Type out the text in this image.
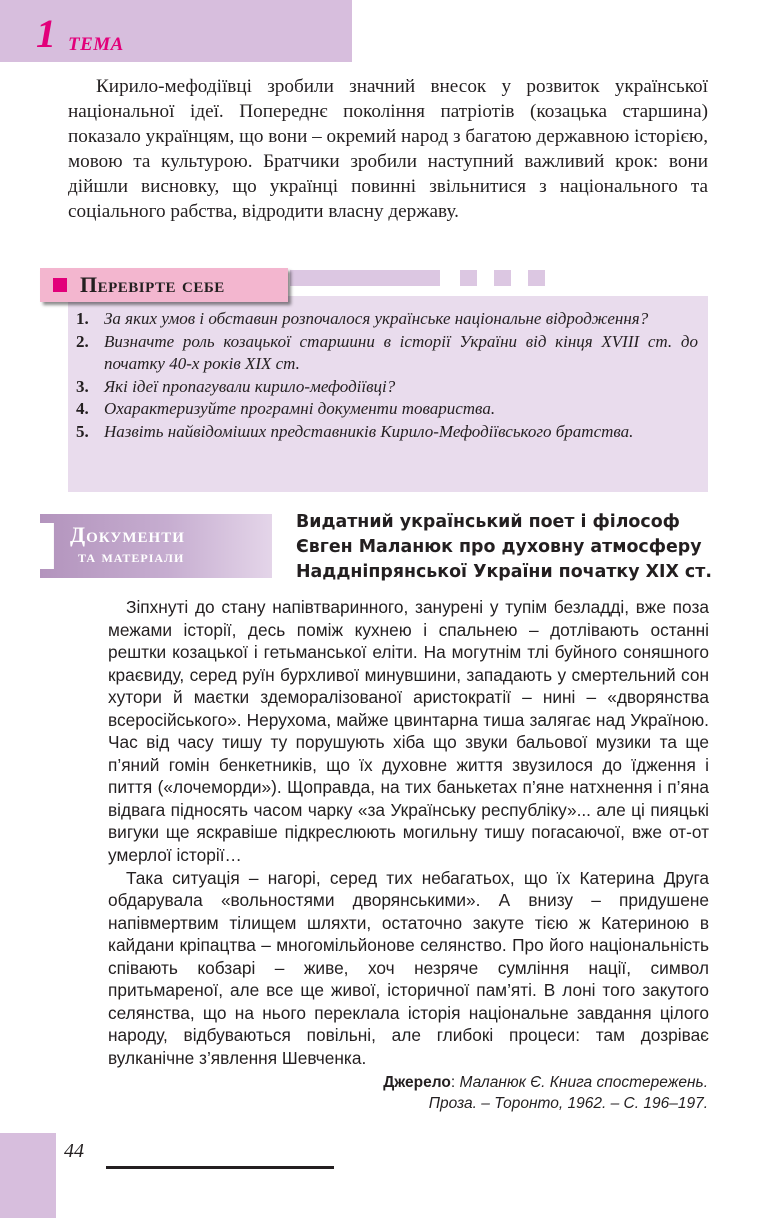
1 ТЕМА

Кирило-мефодіївці зробили значний внесок у розвиток української національної ідеї. Попереднє покоління патріотів (козацька старшина) показало українцям, що вони – окремий народ з багатою державною історією, мовою та культурою. Братчики зробили наступний важливий крок: вони дійшли висновку, що українці повинні звільнитися з національного та соціального рабства, відродити власну державу.

Перевірте себе
1. За яких умов і обставин розпочалося українське національне відродження?
2. Визначте роль козацької старшини в історії України від кінця XVIII ст. до початку 40-х років XIX ст.
3. Які ідеї пропагували кирило-мефодіївці?
4. Охарактеризуйте програмні документи товариства.
5. Назвіть найвідоміших представників Кирило-Мефодіївського братства.
Документи
та матеріали

Видатний український поет і філософ Євген Маланюк про духовну атмосферу Наддніпрянської України початку XIX ст.

Зіпхнуті до стану напівтваринного, занурені у тупім безладді, вже поза межами історії, десь поміж кухнею і спальнею – дотлівають останні рештки козацької і гетьманської еліти. На могутнім тлі буйного соняшного краєвиду, серед руїн бурхливої минувшини, западають у смертельний сон хутори й маєтки здеморалізованої аристократії – нині – «дворянства всеросійського». Нерухома, майже цвинтарна тиша залягає над Україною. Час від часу тишу ту порушують хіба що звуки бальової музики та ще п’яний гомін бенкетників, що їх духовне життя звузилося до їдження і пиття («лочеморди»). Щоправда, на тих банькетах п’яне натхнення і п’яна відвага підносять часом чарку «за Українську республіку»... але ці пияцькі вигуки ще яскравіше підкреслюють могильну тишу погасаючої, вже от-от умерлої історії…

Така ситуація – нагорі, серед тих небагатьох, що їх Катерина Друга обдарувала «вольностями дворянськими». А внизу – придушене напівмертвим тілищем шляхти, остаточно закуте тією ж Катериною в кайдани кріпацтва – многомільйонове селянство. Про його національність співають кобзарі – живе, хоч незряче сумління нації, символ притьмареної, але все ще живої, історичної пам’яті. В лоні того закутого селянства, що на нього переклала історія національне завдання цілого народу, відбуваються повільні, але глибокі процеси: там дозріває вулканічне з’явлення Шевченка.

Джерело: Маланюк Є. Книга спостережень.
Проза. – Торонто, 1962. – С. 196–197.
44
